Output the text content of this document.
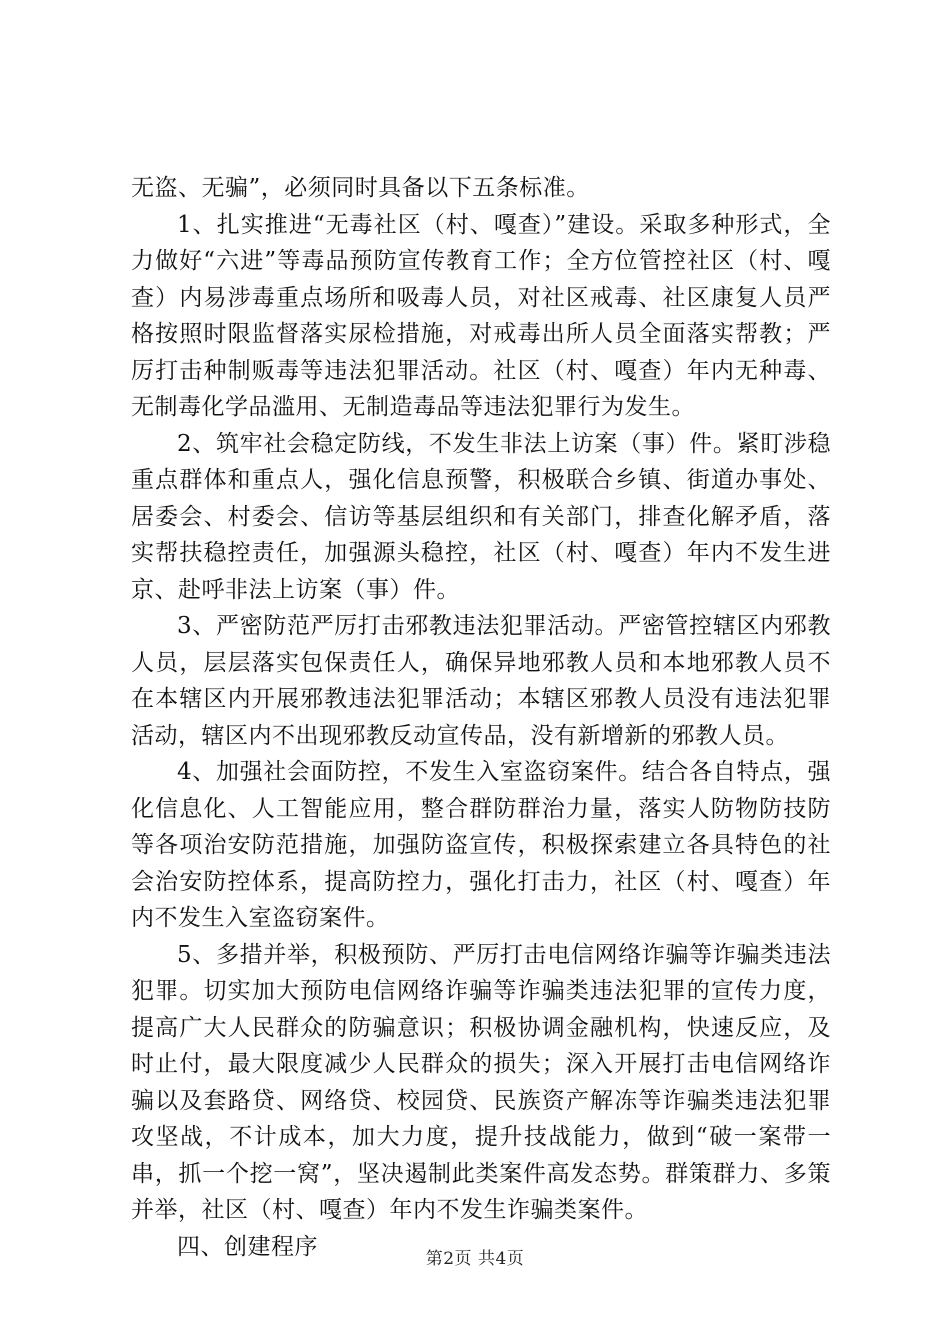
无盗、无骗”，必须同时具备以下五条标准。

1、扎实推进“无毒社区（村、嘎查）”建设。采取多种形式，全力做好“六进”等毒品预防宣传教育工作；全方位管控社区（村、嘎查）内易涉毒重点场所和吸毒人员，对社区戒毒、社区康复人员严格按照时限监督落实尿检措施，对戒毒出所人员全面落实帮教；严厉打击种制贩毒等违法犯罪活动。社区（村、嘎查）年内无种毒、无制毒化学品滥用、无制造毒品等违法犯罪行为发生。

2、筑牢社会稳定防线，不发生非法上访案（事）件。紧盯涉稳重点群体和重点人，强化信息预警，积极联合乡镇、街道办事处、居委会、村委会、信访等基层组织和有关部门，排查化解矛盾，落实帮扶稳控责任，加强源头稳控，社区（村、嘎查）年内不发生进京、赴呼非法上访案（事）件。

3、严密防范严厉打击邪教违法犯罪活动。严密管控辖区内邪教人员，层层落实包保责任人，确保异地邪教人员和本地邪教人员不在本辖区内开展邪教违法犯罪活动；本辖区邪教人员没有违法犯罪活动，辖区内不出现邪教反动宣传品，没有新增新的邪教人员。

4、加强社会面防控，不发生入室盗窃案件。结合各自特点，强化信息化、人工智能应用，整合群防群治力量，落实人防物防技防等各项治安防范措施，加强防盗宣传，积极探索建立各具特色的社会治安防控体系，提高防控力，强化打击力，社区（村、嘎查）年内不发生入室盗窃案件。

5、多措并举，积极预防、严厉打击电信网络诈骗等诈骗类违法犯罪。切实加大预防电信网络诈骗等诈骗类违法犯罪的宣传力度，提高广大人民群众的防骗意识；积极协调金融机构，快速反应，及时止付，最大限度减少人民群众的损失；深入开展打击电信网络诈骗以及套路贷、网络贷、校园贷、民族资产解冻等诈骗类违法犯罪攻坚战，不计成本，加大力度，提升技战能力，做到“破一案带一串，抓一个挖一窝”，坚决遏制此类案件高发态势。群策群力、多策并举，社区（村、嘎查）年内不发生诈骗类案件。

四、创建程序	第2页 共4页
